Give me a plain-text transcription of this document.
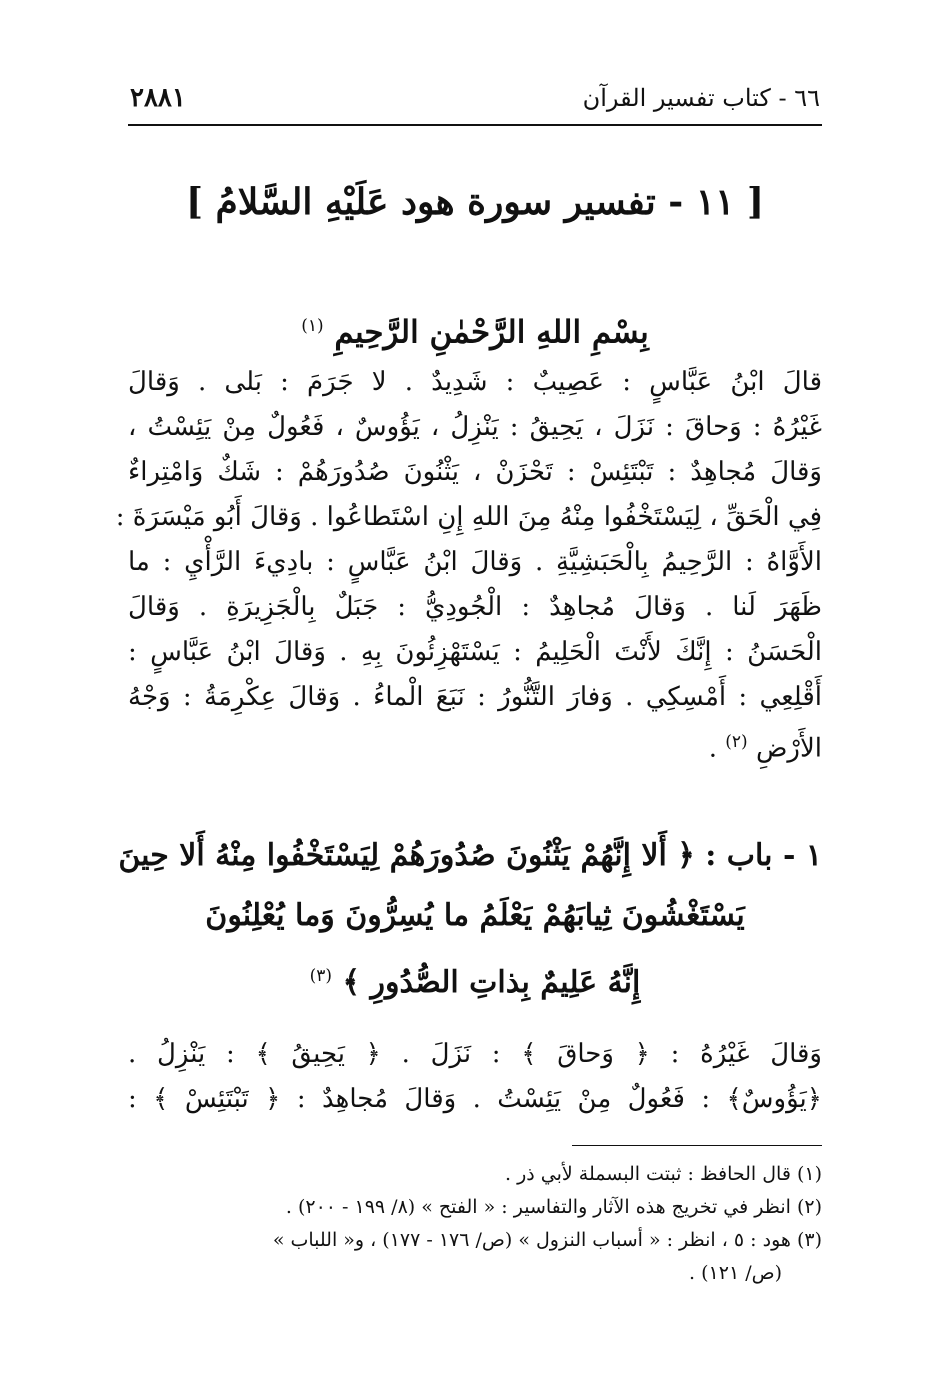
٦٦ - كتاب تفسير القرآن
٢٨٨١
[ ١١ - تفسير سورة هود عَلَيْهِ السَّلامُ ]
بِسْمِ اللهِ الرَّحْمٰنِ الرَّحِيمِ $^{(١)}$
قالَ ابْنُ عَبَّاسٍ : عَصِيبٌ : شَدِيدٌ . لا جَرَمَ : بَلى . وَقالَ
غَيْرُهُ : وَحاقَ : نَزَلَ ، يَحِيقُ : يَنْزِلُ ، يَؤُوسٌ ، فَعُولٌ مِنْ يَئِسْتُ ،
وَقالَ مُجاهِدٌ : تَبْتَئِسْ : تَحْزَنْ ، يَثْنُونَ صُدُورَهُمْ : شَكٌ وَامْتِراءٌ
فِي الْحَقِّ ، لِيَسْتَخْفُوا مِنْهُ مِنَ اللهِ إِنِ اسْتَطاعُوا . وَقالَ أَبُو مَيْسَرَةَ :
الأَوَّاهُ : الرَّحِيمُ بِالْحَبَشِيَّةِ . وَقالَ ابْنُ عَبَّاسٍ : بادِيءَ الرَّأْيِ : ما
ظَهَرَ لَنا . وَقالَ مُجاهِدٌ : الْجُودِيُّ : جَبَلٌ بِالْجَزِيرَةِ . وَقالَ
الْحَسَنُ : إِنَّكَ لأَنْتَ الْحَلِيمُ : يَسْتَهْزِئُونَ بِهِ . وَقالَ ابْنُ عَبَّاسٍ :
أَقْلِعِي : أَمْسِكِي . وَفارَ التَّنُّورُ : نَبَعَ الْماءُ . وَقالَ عِكْرِمَةُ : وَجْهُ
الأَرْضِ $^{(٢)}$ .
١ - باب : ﴿ أَلا إِنَّهُمْ يَثْنُونَ صُدُورَهُمْ لِيَسْتَخْفُوا مِنْهُ أَلا حِينَ
يَسْتَغْشُونَ ثِيابَهُمْ يَعْلَمُ ما يُسِرُّونَ وَما يُعْلِنُونَ
إِنَّهُ عَلِيمٌ بِذاتِ الصُّدُورِ ﴾ $^{(٣)}$
وَقالَ غَيْرُهُ : ﴿ وَحاقَ ﴾ : نَزَلَ . ﴿ يَحِيقُ ﴾ : يَنْزِلُ .
﴿يَؤُوسٌ﴾ : فَعُولٌ مِنْ يَئِسْتُ . وَقالَ مُجاهِدٌ : ﴿ تَبْتَئِسْ ﴾ :
(١) قال الحافظ : ثبتت البسملة لأبي ذر .
(٢) انظر في تخريج هذه الآثار والتفاسير : « الفتح » (٨/ ١٩٩ - ٢٠٠) .
(٣) هود : ٥ ، انظر : « أسباب النزول » (ص/ ١٧٦ - ١٧٧) ، و« اللباب »
(ص/ ١٢١) .
